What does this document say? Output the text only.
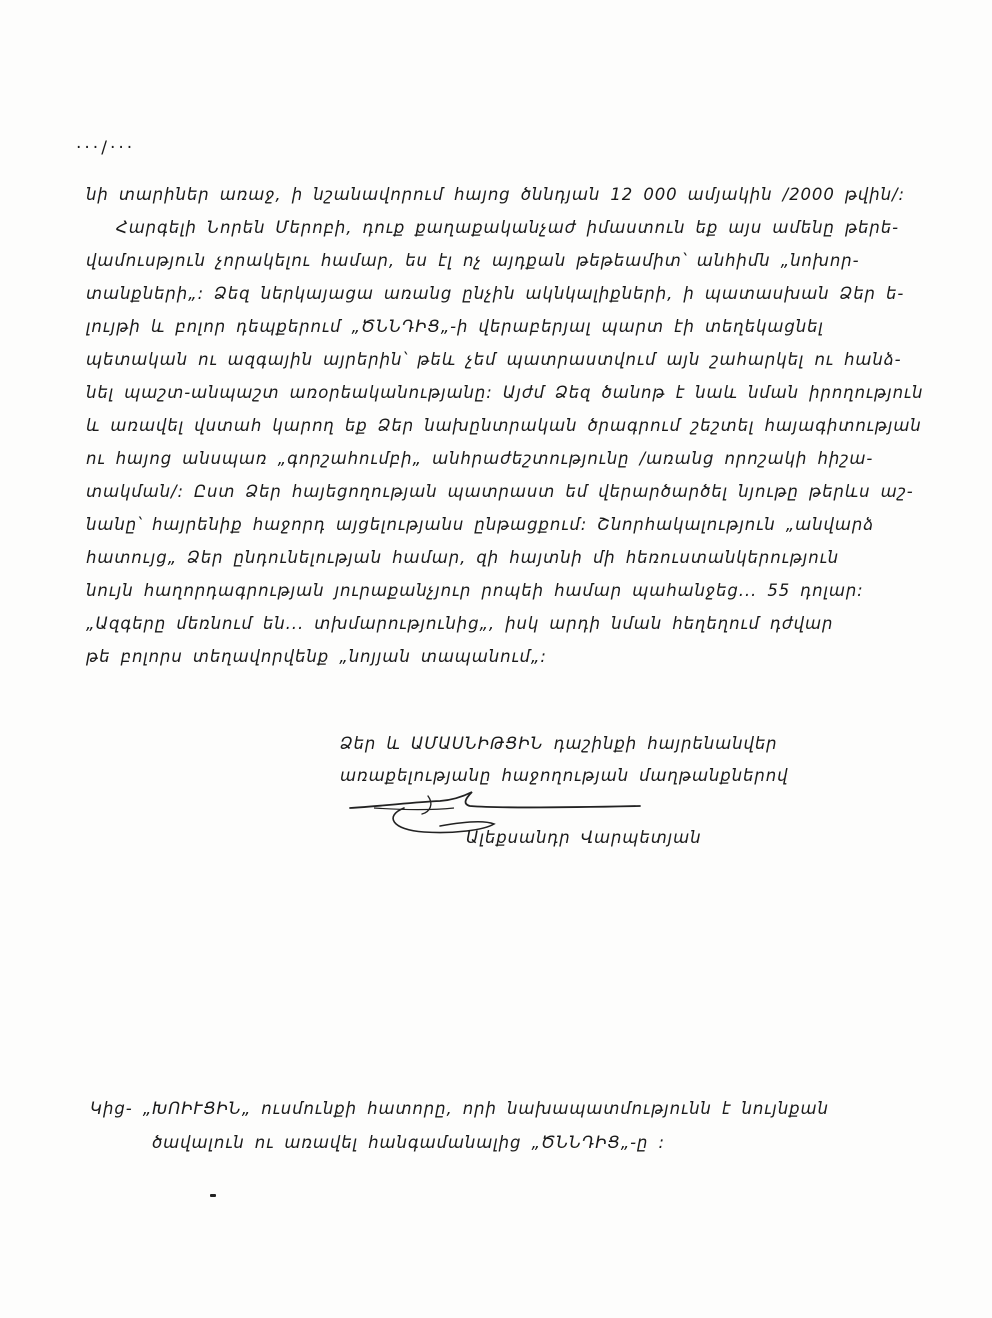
···/···
նի տարիներ առաջ, ի նշանավորում հայոց ծննդյան 12 000 ամյակին /2000 թվին/:
Հարգելի Նորեն Մերոբի, դուք քաղաքականչաժ իմաստուն եք այս ամենը թերե-
վամուսթյուն չորակելու համար, ես էլ ոչ այդքան թեթեամիտ՝ անհիմն „նոխոր-
տանքների„: Ձեզ ներկայացա առանց ընչին ակնկալիքների, ի պատասխան Ձեր ե-
լույթի և բոլոր դեպքերում „ԾՆՆԴԻՑ„-ի վերաբերյալ պարտ էի տեղեկացնել
պետական ու ազգային այրերին՝ թեև չեմ պատրաստվում այն շահարկել ու հանձ-
նել պաշտ-անպաշտ առօրեականությանը: Այժմ Ձեզ ծանոթ է նաև նման իրողություն
և առավել վստահ կարող եք Ձեր նախընտրական ծրագրում շեշտել հայագիտության
ու հայոց անսպառ „գորշահումբի„ անհրաժեշտությունը /առանց որոշակի հիշա-
տակման/: Ըստ Ձեր հայեցողության պատրաստ եմ վերարծարծել նյութը թերևս աշ-
նանը՝ հայրենիք հաջորդ այցելությանս ընթացքում: Շնորհակալություն „անվարձ
հատույց„ Ձեր ընդունելության համար, զի հայտնի մի հեռուստանկերություն
նույն հաղորդագրության յուրաքանչյուր րոպեի համար պահանջեց... 55 դոլար:
„Ազգերը մեռնում են... տխմարությունից„, իսկ արդի նման հեղեղում դժվար
թե բոլորս տեղավորվենք „նոյյան տապանում„:
Ձեր և ԱՄԱՍՆԻԹՑԻՆ դաշինքի հայրենանվեր
առաքելությանը հաջողության մաղթանքներով
Ալեքսանդր Վարպետյան
Կից- „ԽՈԻՒՑԻՆ„ ուսմունքի հատորը, որի նախապատմությունն է նույնքան
ծավալուն ու առավել հանգամանալից „ԾՆՆԴԻՑ„-ը :
